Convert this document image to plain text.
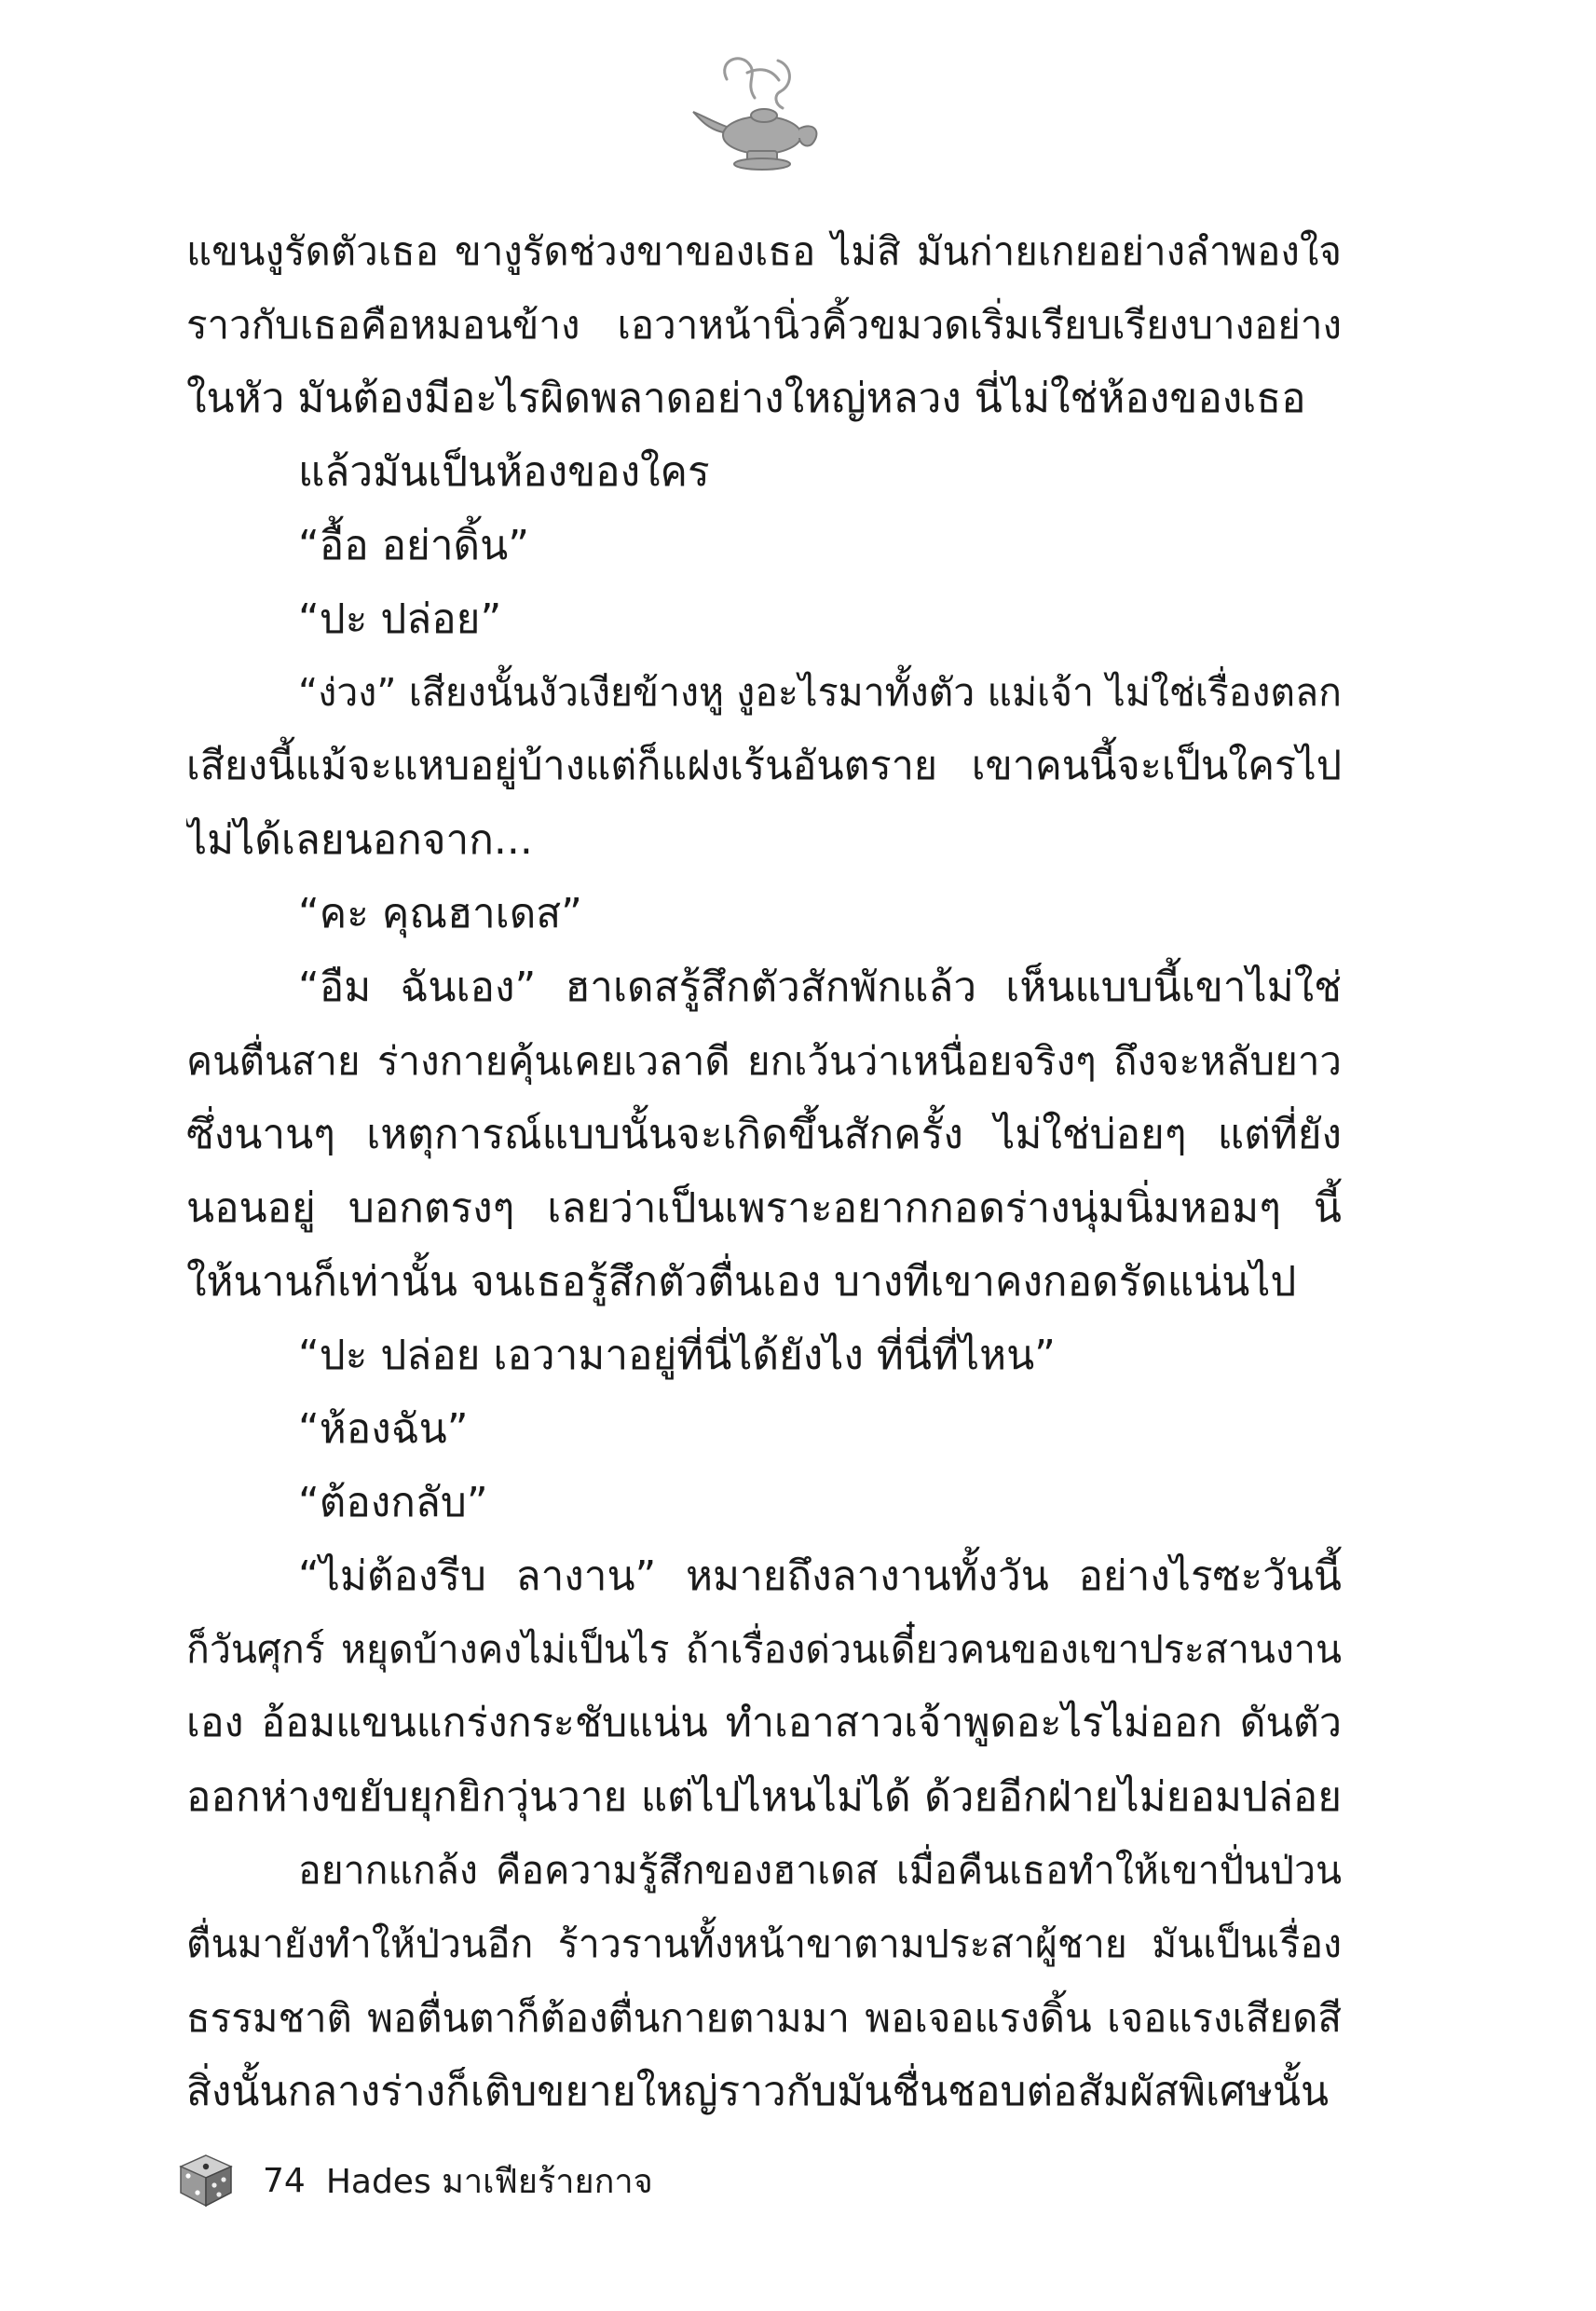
แขนงูรัดตัวเธอ ขางูรัดช่วงขาของเธอ ไม่สิ มันก่ายเกยอย่างลำพองใจ
ราวกับเธอคือหมอนข้าง เอวาหน้านิ่วคิ้วขมวดเริ่มเรียบเรียงบางอย่าง
ในหัว มันต้องมีอะไรผิดพลาดอย่างใหญ่หลวง นี่ไม่ใช่ห้องของเธอ
แล้วมันเป็นห้องของใคร
“อื้อ อย่าดิ้น”
“ปะ ปล่อย”
“ง่วง” เสียงนั้นงัวเงียข้างหู งูอะไรมาทั้งตัว แม่เจ้า ไม่ใช่เรื่องตลก
เสียงนี้แม้จะแหบอยู่บ้างแต่ก็แฝงเร้นอันตราย เขาคนนี้จะเป็นใครไป
ไม่ได้เลยนอกจาก...
“คะ คุณฮาเดส”
“อืม ฉันเอง” ฮาเดสรู้สึกตัวสักพักแล้ว เห็นแบบนี้เขาไม่ใช่
คนตื่นสาย ร่างกายคุ้นเคยเวลาดี ยกเว้นว่าเหนื่อยจริงๆ ถึงจะหลับยาว
ซึ่งนานๆ เหตุการณ์แบบนั้นจะเกิดขึ้นสักครั้ง ไม่ใช่บ่อยๆ แต่ที่ยัง
นอนอยู่ บอกตรงๆ เลยว่าเป็นเพราะอยากกอดร่างนุ่มนิ่มหอมๆ นี้
ให้นานก็เท่านั้น จนเธอรู้สึกตัวตื่นเอง บางทีเขาคงกอดรัดแน่นไป
“ปะ ปล่อย เอวามาอยู่ที่นี่ได้ยังไง ที่นี่ที่ไหน”
“ห้องฉัน”
“ต้องกลับ”
“ไม่ต้องรีบ ลางาน” หมายถึงลางานทั้งวัน อย่างไรซะวันนี้
ก็วันศุกร์ หยุดบ้างคงไม่เป็นไร ถ้าเรื่องด่วนเดี๋ยวคนของเขาประสานงาน
เอง อ้อมแขนแกร่งกระชับแน่น ทำเอาสาวเจ้าพูดอะไรไม่ออก ดันตัว
ออกห่างขยับยุกยิกวุ่นวาย แต่ไปไหนไม่ได้ ด้วยอีกฝ่ายไม่ยอมปล่อย
อยากแกล้ง คือความรู้สึกของฮาเดส เมื่อคืนเธอทำให้เขาปั่นป่วน
ตื่นมายังทำให้ป่วนอีก ร้าวรานทั้งหน้าขาตามประสาผู้ชาย มันเป็นเรื่อง
ธรรมชาติ พอตื่นตาก็ต้องตื่นกายตามมา พอเจอแรงดิ้น เจอแรงเสียดสี
สิ่งนั้นกลางร่างก็เติบขยายใหญ่ราวกับมันชื่นชอบต่อสัมผัสพิเศษนั้น
74 Hades มาเฟียร้ายกาจ
